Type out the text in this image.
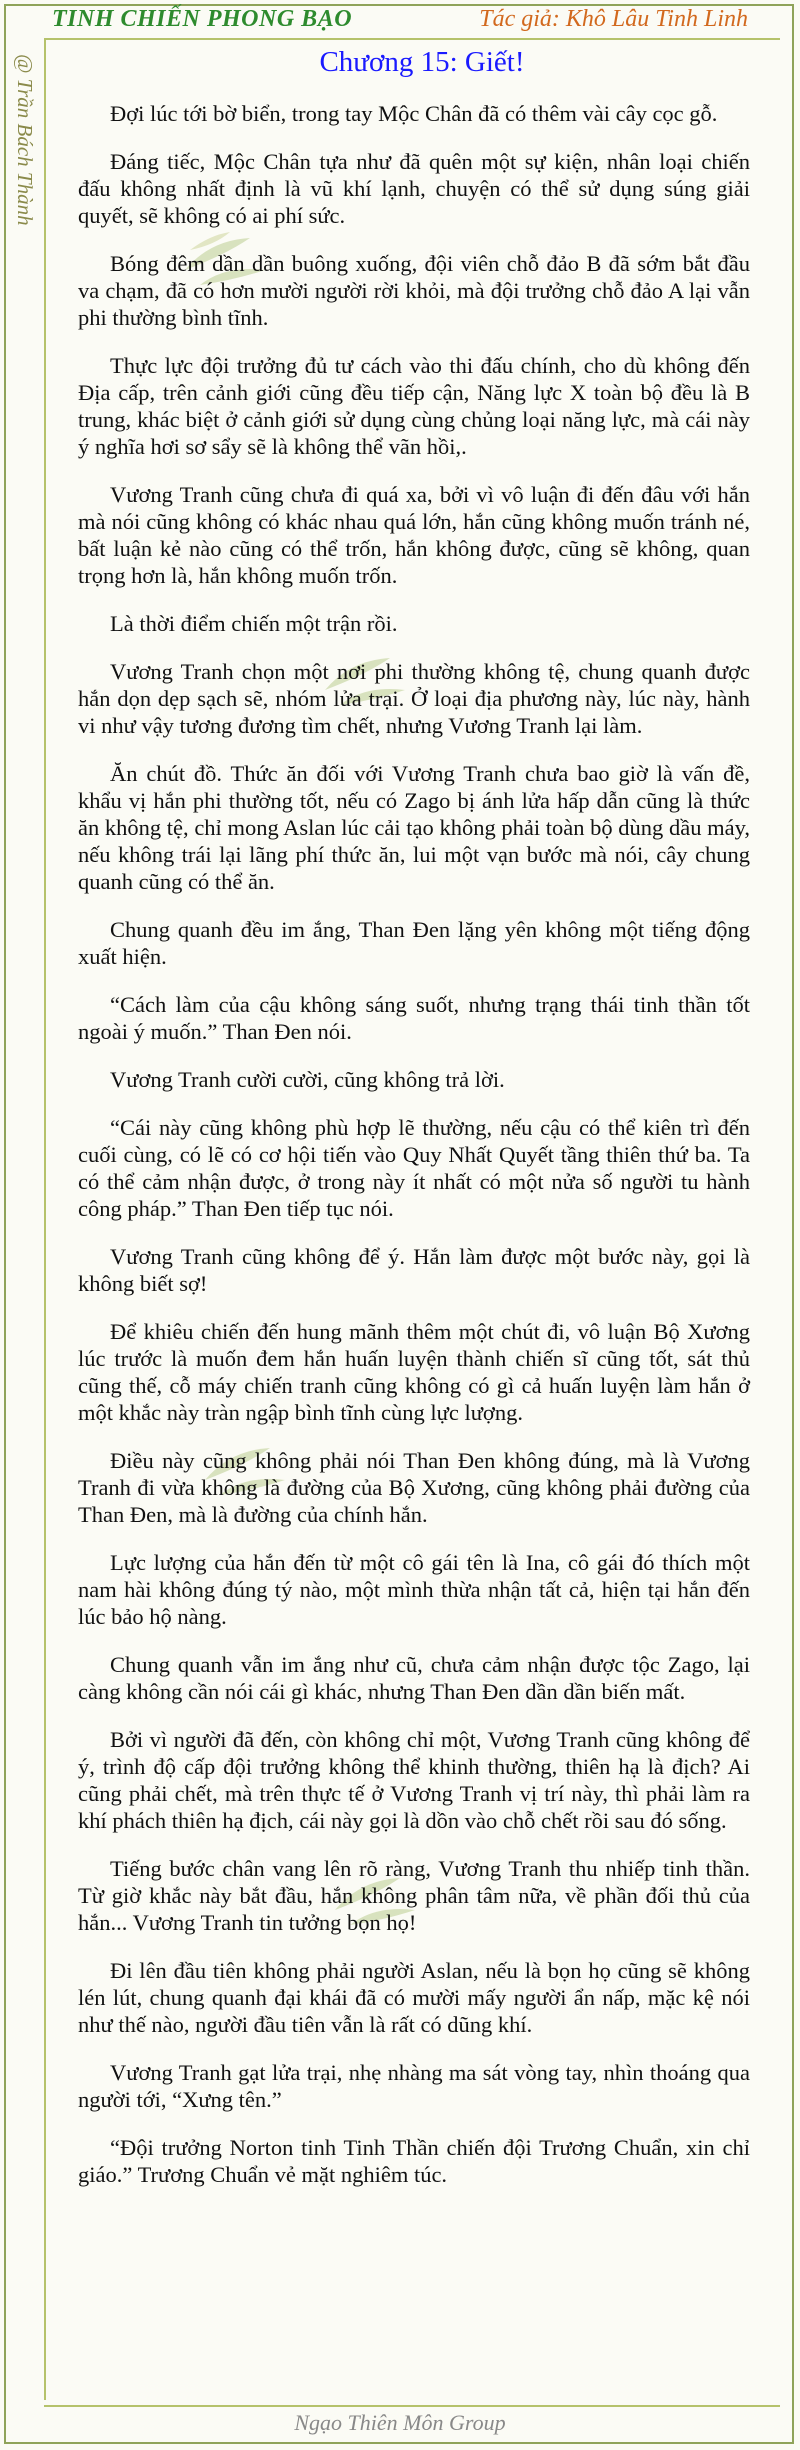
TINH CHIẾN PHONG BẠO	Tác giả: Khô Lâu Tinh Linh
@ Trần Bách Thành	Chương 15: Giết!

Đợi lúc tới bờ biển, trong tay Mộc Chân đã có thêm vài cây cọc gỗ.

Đáng tiếc, Mộc Chân tựa như đã quên một sự kiện, nhân loại chiến đấu không nhất định là vũ khí lạnh, chuyện có thể sử dụng súng giải quyết, sẽ không có ai phí sức.

Bóng đêm dần dần buông xuống, đội viên chỗ đảo B đã sớm bắt đầu va chạm, đã có hơn mười người rời khỏi, mà đội trưởng chỗ đảo A lại vẫn phi thường bình tĩnh.

Thực lực đội trưởng đủ tư cách vào thi đấu chính, cho dù không đến Địa cấp, trên cảnh giới cũng đều tiếp cận, Năng lực X toàn bộ đều là B trung, khác biệt ở cảnh giới sử dụng cùng chủng loại năng lực, mà cái này ý nghĩa hơi sơ sẩy sẽ là không thể vãn hồi,.

Vương Tranh cũng chưa đi quá xa, bởi vì vô luận đi đến đâu với hắn mà nói cũng không có khác nhau quá lớn, hắn cũng không muốn tránh né, bất luận kẻ nào cũng có thể trốn, hắn không được, cũng sẽ không, quan trọng hơn là, hắn không muốn trốn.

Là thời điểm chiến một trận rồi.

Vương Tranh chọn một nơi phi thường không tệ, chung quanh được hắn dọn dẹp sạch sẽ, nhóm lửa trại. Ở loại địa phương này, lúc này, hành vi như vậy tương đương tìm chết, nhưng Vương Tranh lại làm.

Ăn chút đồ. Thức ăn đối với Vương Tranh chưa bao giờ là vấn đề, khẩu vị hắn phi thường tốt, nếu có Zago bị ánh lửa hấp dẫn cũng là thức ăn không tệ, chỉ mong Aslan lúc cải tạo không phải toàn bộ dùng dầu máy, nếu không trái lại lãng phí thức ăn, lui một vạn bước mà nói, cây chung quanh cũng có thể ăn.

Chung quanh đều im ắng, Than Đen lặng yên không một tiếng động xuất hiện.

“Cách làm của cậu không sáng suốt, nhưng trạng thái tinh thần tốt ngoài ý muốn.” Than Đen nói.

Vương Tranh cười cười, cũng không trả lời.

“Cái này cũng không phù hợp lẽ thường, nếu cậu có thể kiên trì đến cuối cùng, có lẽ có cơ hội tiến vào Quy Nhất Quyết tầng thiên thứ ba. Ta có thể cảm nhận được, ở trong này ít nhất có một nửa số người tu hành công pháp.” Than Đen tiếp tục nói.

Vương Tranh cũng không để ý. Hắn làm được một bước này, gọi là không biết sợ!

Để khiêu chiến đến hung mãnh thêm một chút đi, vô luận Bộ Xương lúc trước là muốn đem hắn huấn luyện thành chiến sĩ cũng tốt, sát thủ cũng thế, cỗ máy chiến tranh cũng không có gì cả huấn luyện làm hắn ở một khắc này tràn ngập bình tĩnh cùng lực lượng.

Điều này cũng không phải nói Than Đen không đúng, mà là Vương Tranh đi vừa không là đường của Bộ Xương, cũng không phải đường của Than Đen, mà là đường của chính hắn.

Lực lượng của hắn đến từ một cô gái tên là Ina, cô gái đó thích một nam hài không đúng tý nào, một mình thừa nhận tất cả, hiện tại hắn đến lúc bảo hộ nàng.

Chung quanh vẫn im ắng như cũ, chưa cảm nhận được tộc Zago, lại càng không cần nói cái gì khác, nhưng Than Đen dần dần biến mất.

Bởi vì người đã đến, còn không chỉ một, Vương Tranh cũng không để ý, trình độ cấp đội trưởng không thể khinh thường, thiên hạ là địch? Ai cũng phải chết, mà trên thực tế ở Vương Tranh vị trí này, thì phải làm ra khí phách thiên hạ địch, cái này gọi là dồn vào chỗ chết rồi sau đó sống.

Tiếng bước chân vang lên rõ ràng, Vương Tranh thu nhiếp tinh thần. Từ giờ khắc này bắt đầu, hắn không phân tâm nữa, về phần đối thủ của hắn... Vương Tranh tin tưởng bọn họ!

Đi lên đầu tiên không phải người Aslan, nếu là bọn họ cũng sẽ không lén lút, chung quanh đại khái đã có mười mấy người ẩn nấp, mặc kệ nói như thế nào, người đầu tiên vẫn là rất có dũng khí.

Vương Tranh gạt lửa trại, nhẹ nhàng ma sát vòng tay, nhìn thoáng qua người tới, “Xưng tên.”

“Đội trưởng Norton tinh Tinh Thần chiến đội Trương Chuẩn, xin chỉ giáo.” Trương Chuẩn vẻ mặt nghiêm túc.

Ngạo Thiên Môn Group
